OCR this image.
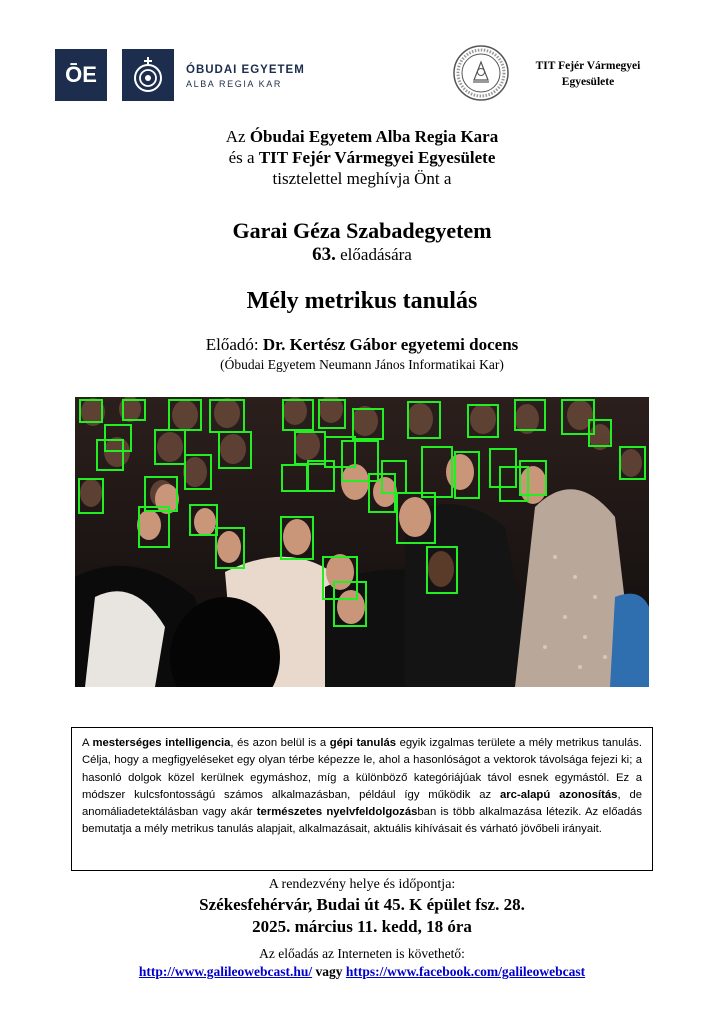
ŌE	ÓBUDAI EGYETEM
ALBA REGIA KAR
TIT Fejér Vármegyei
Egyesülete
Az Óbudai Egyetem Alba Regia Kara
és a TIT Fejér Vármegyei Egyesülete
tisztelettel meghívja Önt a
Garai Géza Szabadegyetem
63. előadására
Mély metrikus tanulás
Előadó: Dr. Kertész Gábor egyetemi docens
(Óbudai Egyetem Neumann János Informatikai Kar)
A mesterséges intelligencia, és azon belül is a gépi tanulás egyik izgalmas területe a mély metrikus tanulás. Célja, hogy a megfigyeléseket egy olyan térbe képezze le, ahol a hasonlóságot a vektorok távolsága fejezi ki; a hasonló dolgok közel kerülnek egymáshoz, míg a különböző kategóriájúak távol esnek egymástól. Ez a módszer kulcsfontosságú számos alkalmazásban, például így működik az arc-alapú azonosítás, de anomáliadetektálásban vagy akár természetes nyelvfeldolgozásban is több alkalmazása létezik. Az előadás bemutatja a mély metrikus tanulás alapjait, alkalmazásait, aktuális kihívásait és várható jövőbeli irányait.
A rendezvény helye és időpontja:
Székesfehérvár, Budai út 45. K épület fsz. 28.
2025. március 11. kedd, 18 óra
Az előadás az Interneten is követhető:
http://www.galileowebcast.hu/ vagy https://www.facebook.com/galileowebcast
